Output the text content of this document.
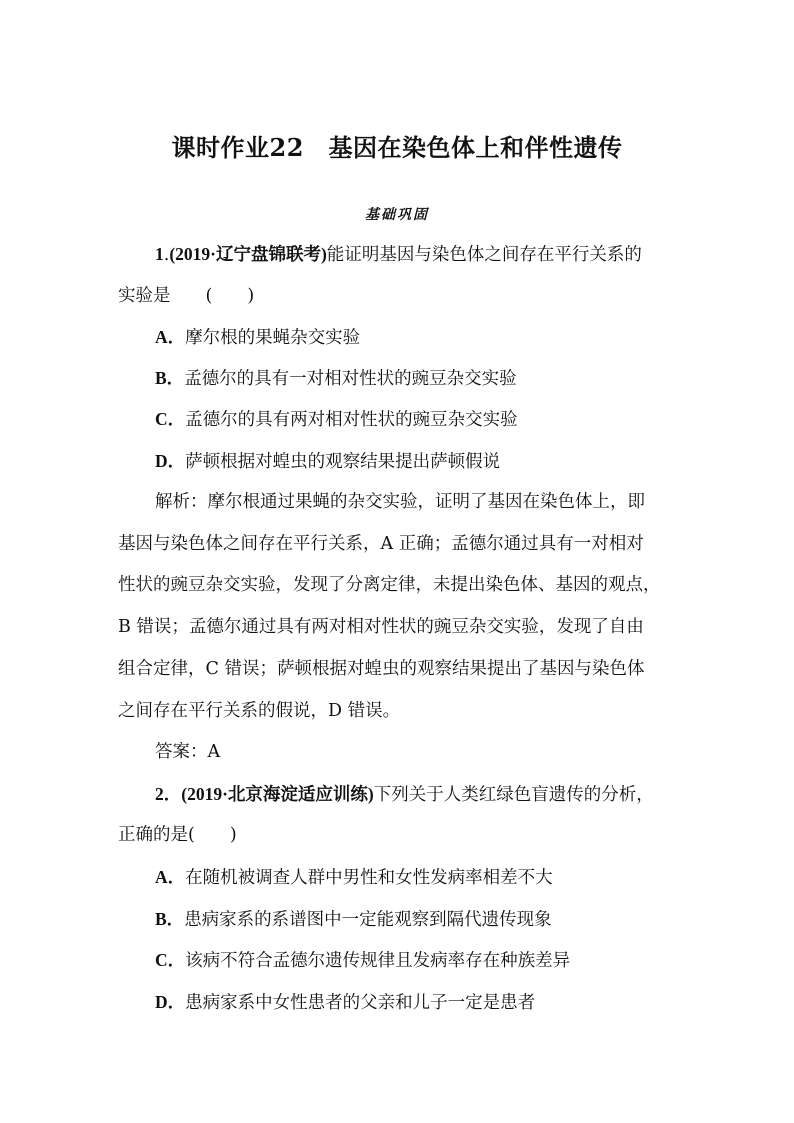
课时作业22　基因在染色体上和伴性遗传
基础巩固
1.(2019·辽宁盘锦联考)能证明基因与染色体之间存在平行关系的
实验是　　(　　)
A．摩尔根的果蝇杂交实验
B．孟德尔的具有一对相对性状的豌豆杂交实验
C．孟德尔的具有两对相对性状的豌豆杂交实验
D．萨顿根据对蝗虫的观察结果提出萨顿假说
解析：摩尔根通过果蝇的杂交实验，证明了基因在染色体上，即
基因与染色体之间存在平行关系，A 正确；孟德尔通过具有一对相对
性状的豌豆杂交实验，发现了分离定律，未提出染色体、基因的观点，
B 错误；孟德尔通过具有两对相对性状的豌豆杂交实验，发现了自由
组合定律，C 错误；萨顿根据对蝗虫的观察结果提出了基因与染色体
之间存在平行关系的假说，D 错误。
答案：A
2．(2019·北京海淀适应训练)下列关于人类红绿色盲遗传的分析，
正确的是(　　)
A．在随机被调查人群中男性和女性发病率相差不大
B．患病家系的系谱图中一定能观察到隔代遗传现象
C．该病不符合孟德尔遗传规律且发病率存在种族差异
D．患病家系中女性患者的父亲和儿子一定是患者
